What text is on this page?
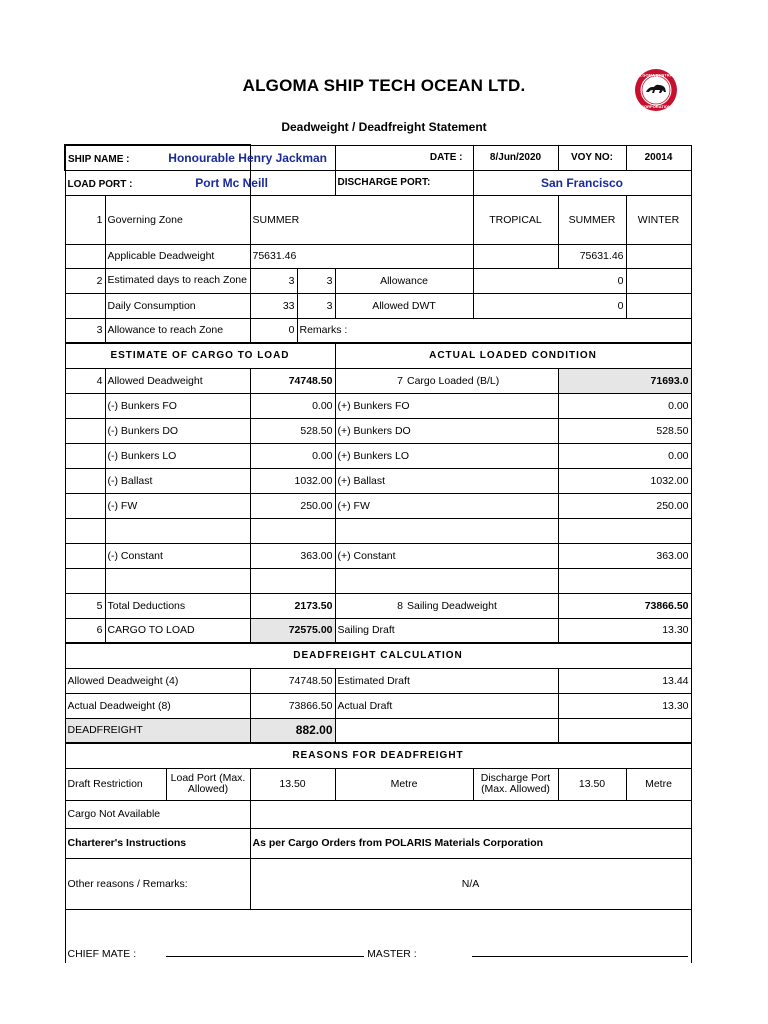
ALGOMA SHIP TECH OCEAN LTD.
Deadweight / Deadfreight Statement
ALGOMA CENTRAL
CORPORATION
SHIP NAME : Honourable Henry Jackman				DATE :		8/Jun/2020	VOY NO:	20014
LOAD PORT : Port Mc Neill				DISCHARGE PORT:		San Francisco		
1	Governing Zone	SUMMER				TROPICAL	SUMMER	WINTER
	Applicable Deadweight	75631.46					75631.46	
2	Estimated days to reach Zone	3	3	Allowance		0		
	Daily Consumption	33	3	Allowed DWT		0		
3	Allowance to reach Zone	0	Remarks :					
ESTIMATE OF CARGO TO LOAD				ACTUAL LOADED CONDITION				
4	Allowed Deadweight	74748.50		7	Cargo Loaded (B/L)		71693.0	
	(-) Bunkers FO	0.00		(+) Bunkers FO			0.00	
	(-) Bunkers DO	528.50		(+) Bunkers DO			528.50	
	(-) Bunkers LO	0.00		(+) Bunkers LO			0.00	
	(-) Ballast	1032.00		(+) Ballast			1032.00	
	(-) FW	250.00		(+) FW			250.00	

	(-) Constant	363.00		(+) Constant			363.00	

5	Total Deductions	2173.50		8	Sailing Deadweight		73866.50	
6	CARGO TO LOAD	72575.00		Sailing Draft			13.30	
DEADFREIGHT CALCULATION								
Allowed Deadweight (4)		74748.50		Estimated Draft			13.44	
Actual Deadweight (8)		73866.50		Actual Draft			13.30	
DEADFREIGHT		882.00						
REASONS FOR DEADFREIGHT								

Draft Restriction Load Port (Max. Allowed)		13.50		Metre		Discharge Port (Max. Allowed)	13.50	Metre
Cargo Not Available								
Charterer's Instructions		As per Cargo Orders from POLARIS Materials Corporation						
Other reasons / Remarks:		N/A						
CHIEF MATE : MASTER :								
